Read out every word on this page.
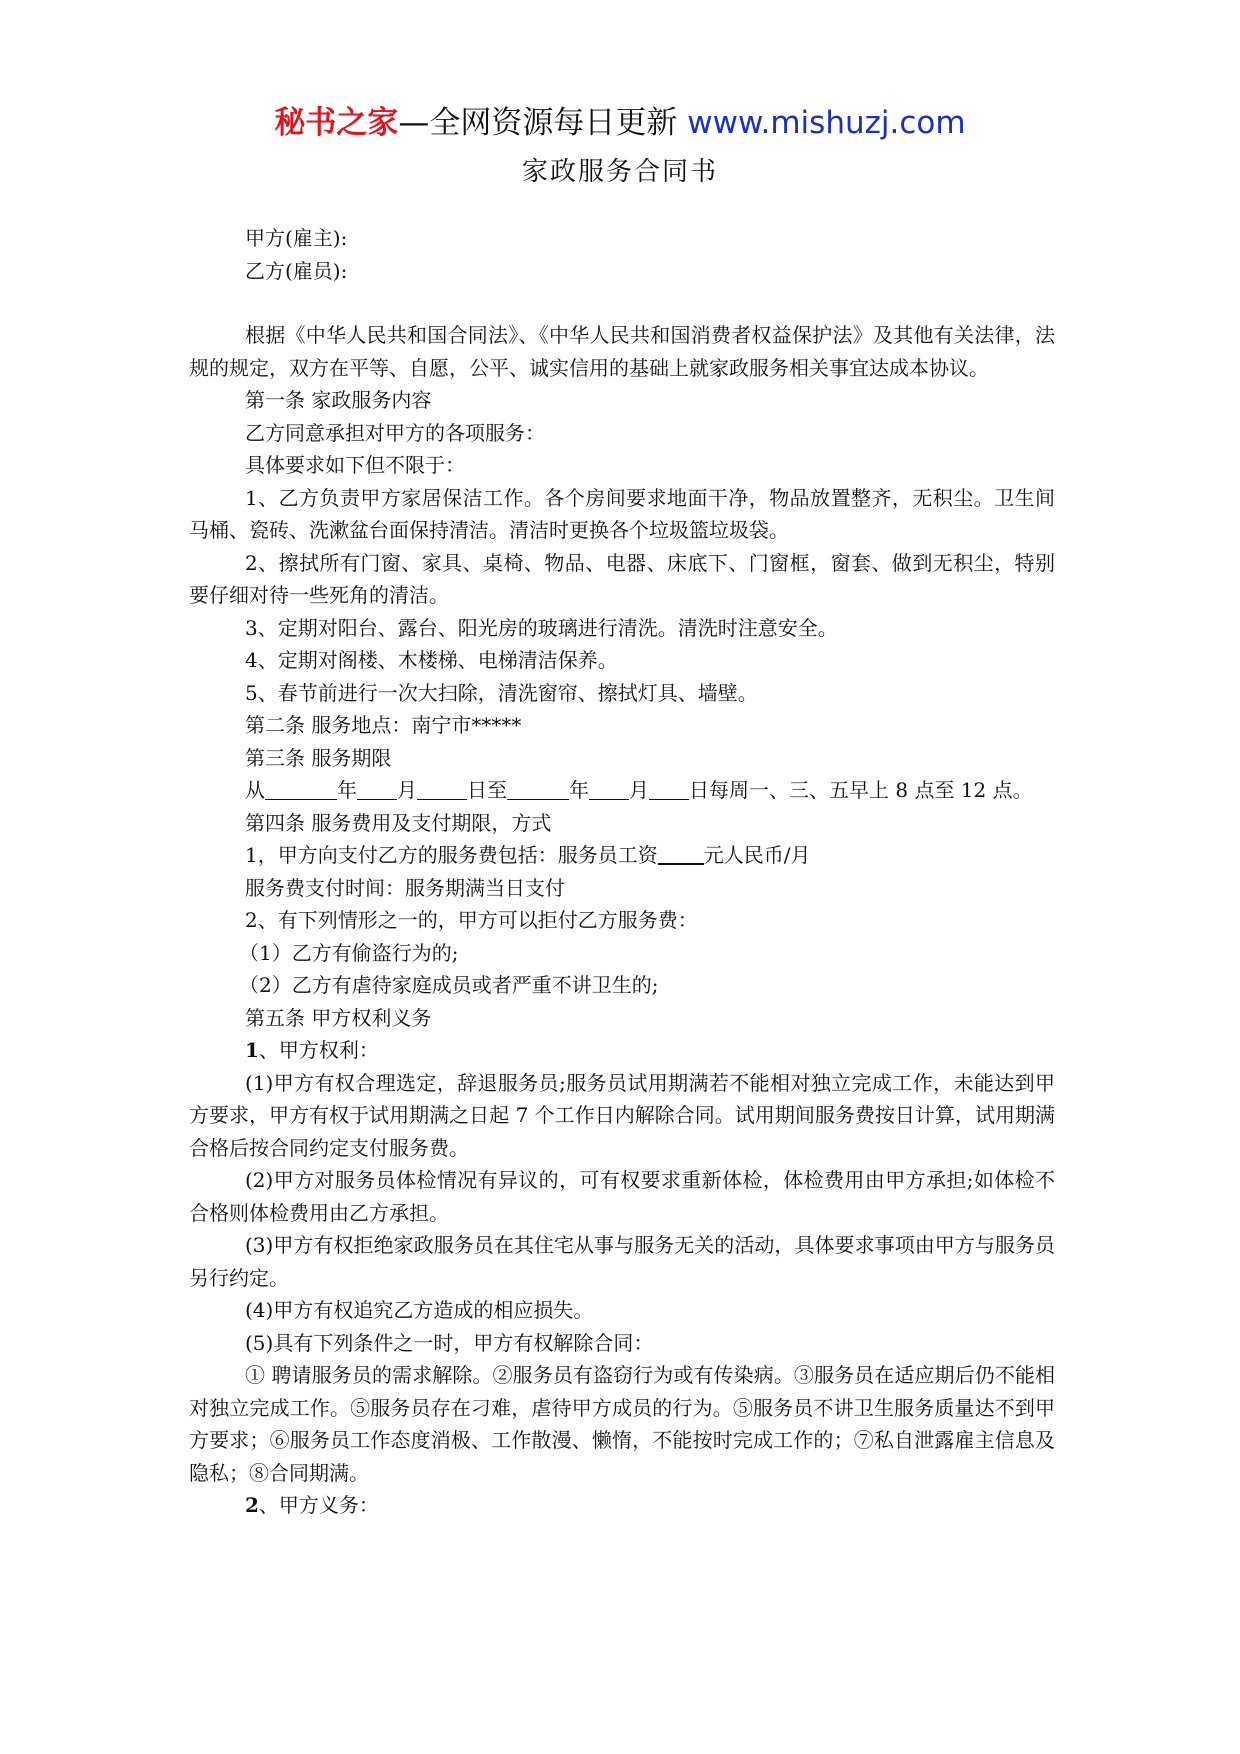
秘书之家—全网资源每日更新 www.mishuzj.com
家政服务合同书

甲方(雇主):

乙方(雇员):

根据《中华人民共和国合同法》、《中华人民共和国消费者权益保护法》及其他有关法律，法规的规定，双方在平等、自愿，公平、诚实信用的基础上就家政服务相关事宜达成本协议。

第一条 家政服务内容

乙方同意承担对甲方的各项服务：

具体要求如下但不限于：

1、乙方负责甲方家居保洁工作。各个房间要求地面干净，物品放置整齐，无积尘。卫生间马桶、瓷砖、洗漱盆台面保持清洁。清洁时更换各个垃圾篮垃圾袋。

2、擦拭所有门窗、家具、桌椅、物品、电器、床底下、门窗框，窗套、做到无积尘，特别要仔细对待一些死角的清洁。

3、定期对阳台、露台、阳光房的玻璃进行清洗。清洗时注意安全。

4、定期对阁楼、木楼梯、电梯清洁保养。

5、春节前进行一次大扫除，清洗窗帘、擦拭灯具、墙壁。

第二条 服务地点：南宁市*****

第三条 服务期限

从	年 月	日至	年 月 日每周一、三、五早上 8 点至 12 点。

第四条 服务费用及支付期限，方式

1，甲方向支付乙方的服务费包括：服务员工资 元人民币/月

服务费支付时间：服务期满当日支付

2、有下列情形之一的，甲方可以拒付乙方服务费：

（1）乙方有偷盗行为的;

（2）乙方有虐待家庭成员或者严重不讲卫生的;

第五条 甲方权利义务

1、甲方权利：

(1)甲方有权合理选定，辞退服务员;服务员试用期满若不能相对独立完成工作，未能达到甲方要求，甲方有权于试用期满之日起 7 个工作日内解除合同。试用期间服务费按日计算，试用期满合格后按合同约定支付服务费。

(2)甲方对服务员体检情况有异议的，可有权要求重新体检，体检费用由甲方承担;如体检不合格则体检费用由乙方承担。

(3)甲方有权拒绝家政服务员在其住宅从事与服务无关的活动，具体要求事项由甲方与服务员另行约定。

(4)甲方有权追究乙方造成的相应损失。

(5)具有下列条件之一时，甲方有权解除合同：

① 聘请服务员的需求解除。②服务员有盗窃行为或有传染病。③服务员在适应期后仍不能相对独立完成工作。⑤服务员存在刁难，虐待甲方成员的行为。⑤服务员不讲卫生服务质量达不到甲方要求；⑥服务员工作态度消极、工作散漫、懒惰，不能按时完成工作的；⑦私自泄露雇主信息及隐私；⑧合同期满。

2、甲方义务：
